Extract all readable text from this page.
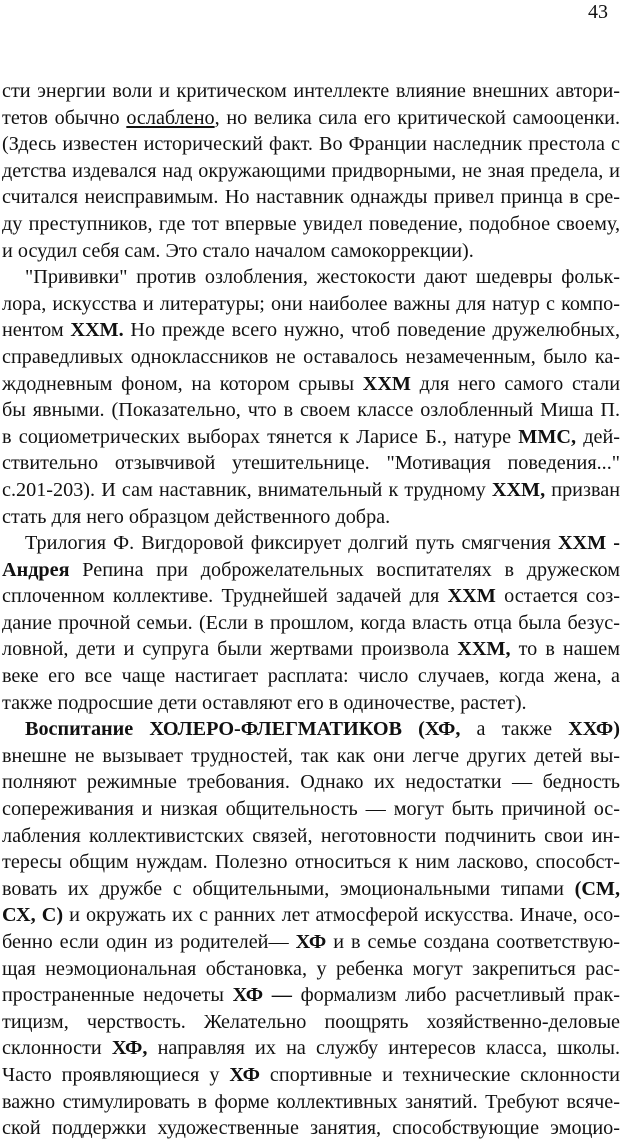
43
сти энергии воли и критическом интеллекте влияние внешних автори-
тетов обычно ослаблено, но велика сила его критической самооценки.
(Здесь известен исторический факт. Во Франции наследник престола с
детства издевался над окружающими придворными, не зная предела, и
считался неисправимым. Но наставник однажды привел принца в сре-
ду преступников, где тот впервые увидел поведение, подобное своему,
и осудил себя сам. Это стало началом самокоррекции).
"Прививки" против озлобления, жестокости дают шедевры фольк-
лора, искусства и литературы; они наиболее важны для натур с компо-
нентом ХХМ. Но прежде всего нужно, чтоб поведение дружелюбных,
справедливых одноклассников не оставалось незамеченным, было ка-
ждодневным фоном, на котором срывы ХХМ для него самого стали
бы явными. (Показательно, что в своем классе озлобленный Миша П.
в социометрических выборах тянется к Ларисе Б., натуре ММС, дей-
ствительно отзывчивой утешительнице. "Мотивация поведения..."
с.201-203). И сам наставник, внимательный к трудному ХХМ, призван
стать для него образцом действенного добра.
Трилогия Ф. Вигдоровой фиксирует долгий путь смягчения ХХМ -
Андрея Репина при доброжелательных воспитателях в дружеском
сплоченном коллективе. Труднейшей задачей для ХХМ остается соз-
дание прочной семьи. (Если в прошлом, когда власть отца была безус-
ловной, дети и супруга были жертвами произвола ХХМ, то в нашем
веке его все чаще настигает расплата: число случаев, когда жена, а
также подросшие дети оставляют его в одиночестве, растет).
Воспитание ХОЛЕРО-ФЛЕГМАТИКОВ (ХФ, а также ХХФ)
внешне не вызывает трудностей, так как они легче других детей вы-
полняют режимные требования. Однако их недостатки — бедность
сопереживания и низкая общительность — могут быть причиной ос-
лабления коллективистских связей, неготовности подчинить свои ин-
тересы общим нуждам. Полезно относиться к ним ласково, способст-
вовать их дружбе с общительными, эмоциональными типами (СМ,
СХ, С) и окружать их с ранних лет атмосферой искусства. Иначе, осо-
бенно если один из родителей— ХФ и в семье создана соответствую-
щая неэмоциональная обстановка, у ребенка могут закрепиться рас-
пространенные недочеты ХФ — формализм либо расчетливый прак-
тицизм, черствость. Желательно поощрять хозяйственно-деловые
склонности ХФ, направляя их на службу интересов класса, школы.
Часто проявляющиеся у ХФ спортивные и технические склонности
важно стимулировать в форме коллективных занятий. Требуют всяче-
ской поддержки художественные занятия, способствующие эмоцио-
